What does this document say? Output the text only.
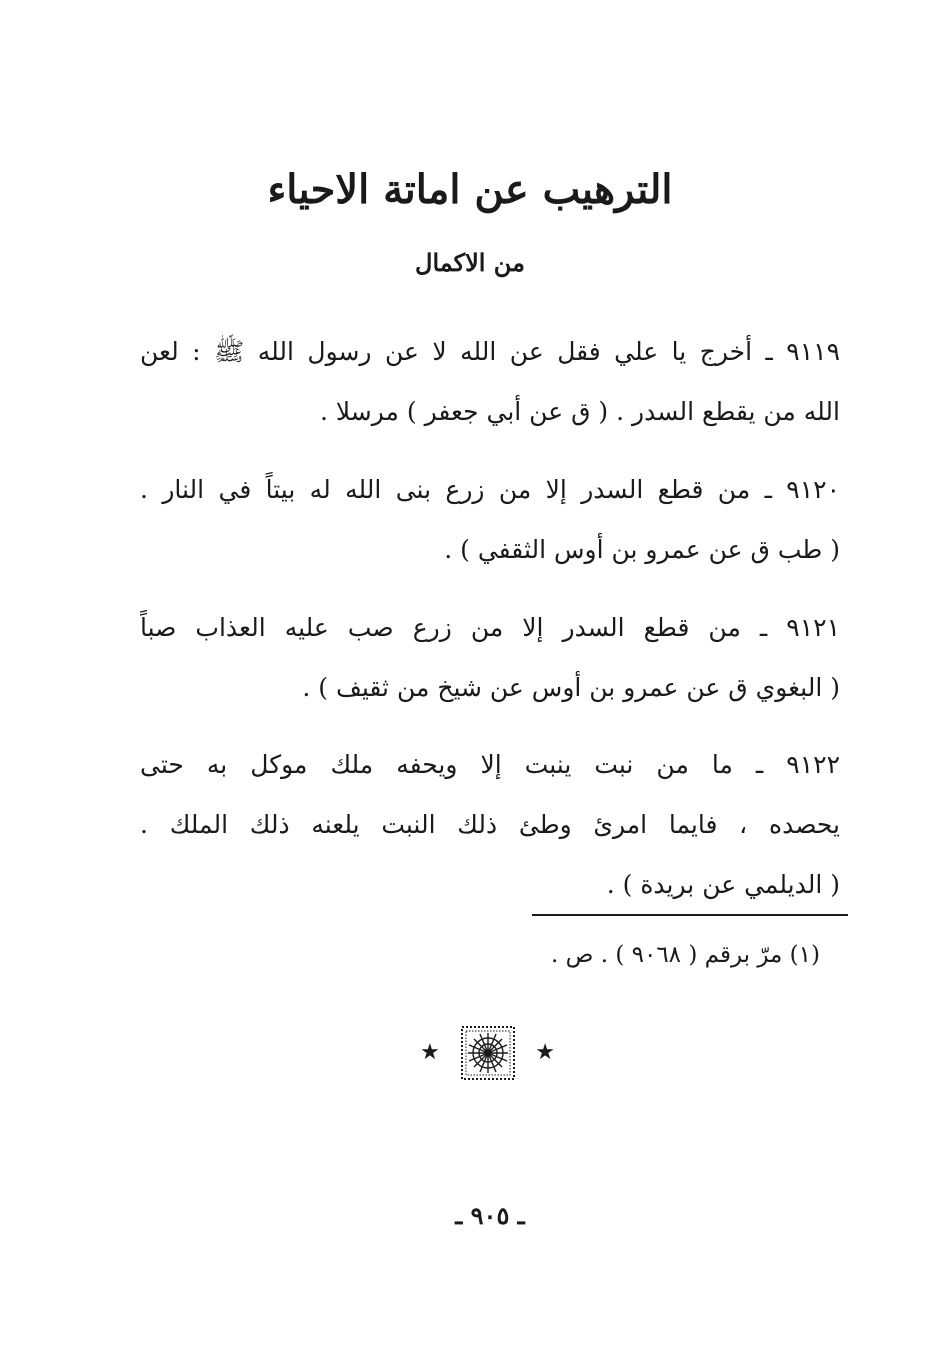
الترهيب عن اماتة الاحياء
من الاكمال
٩١١٩ ـ أخرج يا علي فقل عن الله لا عن رسول الله ﷺ : لعن
الله من يقطع السدر . ( ق عن أبي جعفر ) مرسلا .
٩١٢٠ ـ من قطع السدر إلا من زرع بنى الله له بيتاً في النار .
( طب ق عن عمرو بن أوس الثقفي ) .
٩١٢١ ـ من قطع السدر إلا من زرع صب عليه العذاب صباً
( البغوي ق عن عمرو بن أوس عن شيخ من ثقيف ) .
٩١٢٢ ـ ما من نبت ينبت إلا ويحفه ملك موكل به حتى
يحصده ، فايما امرئ وطئ ذلك النبت يلعنه ذلك الملك .
( الديلمي عن بريدة ) .
(١) مرّ برقم ( ٩٠٦٨ ) . ص .
★	★
ـ ٩٠٥ ـ
